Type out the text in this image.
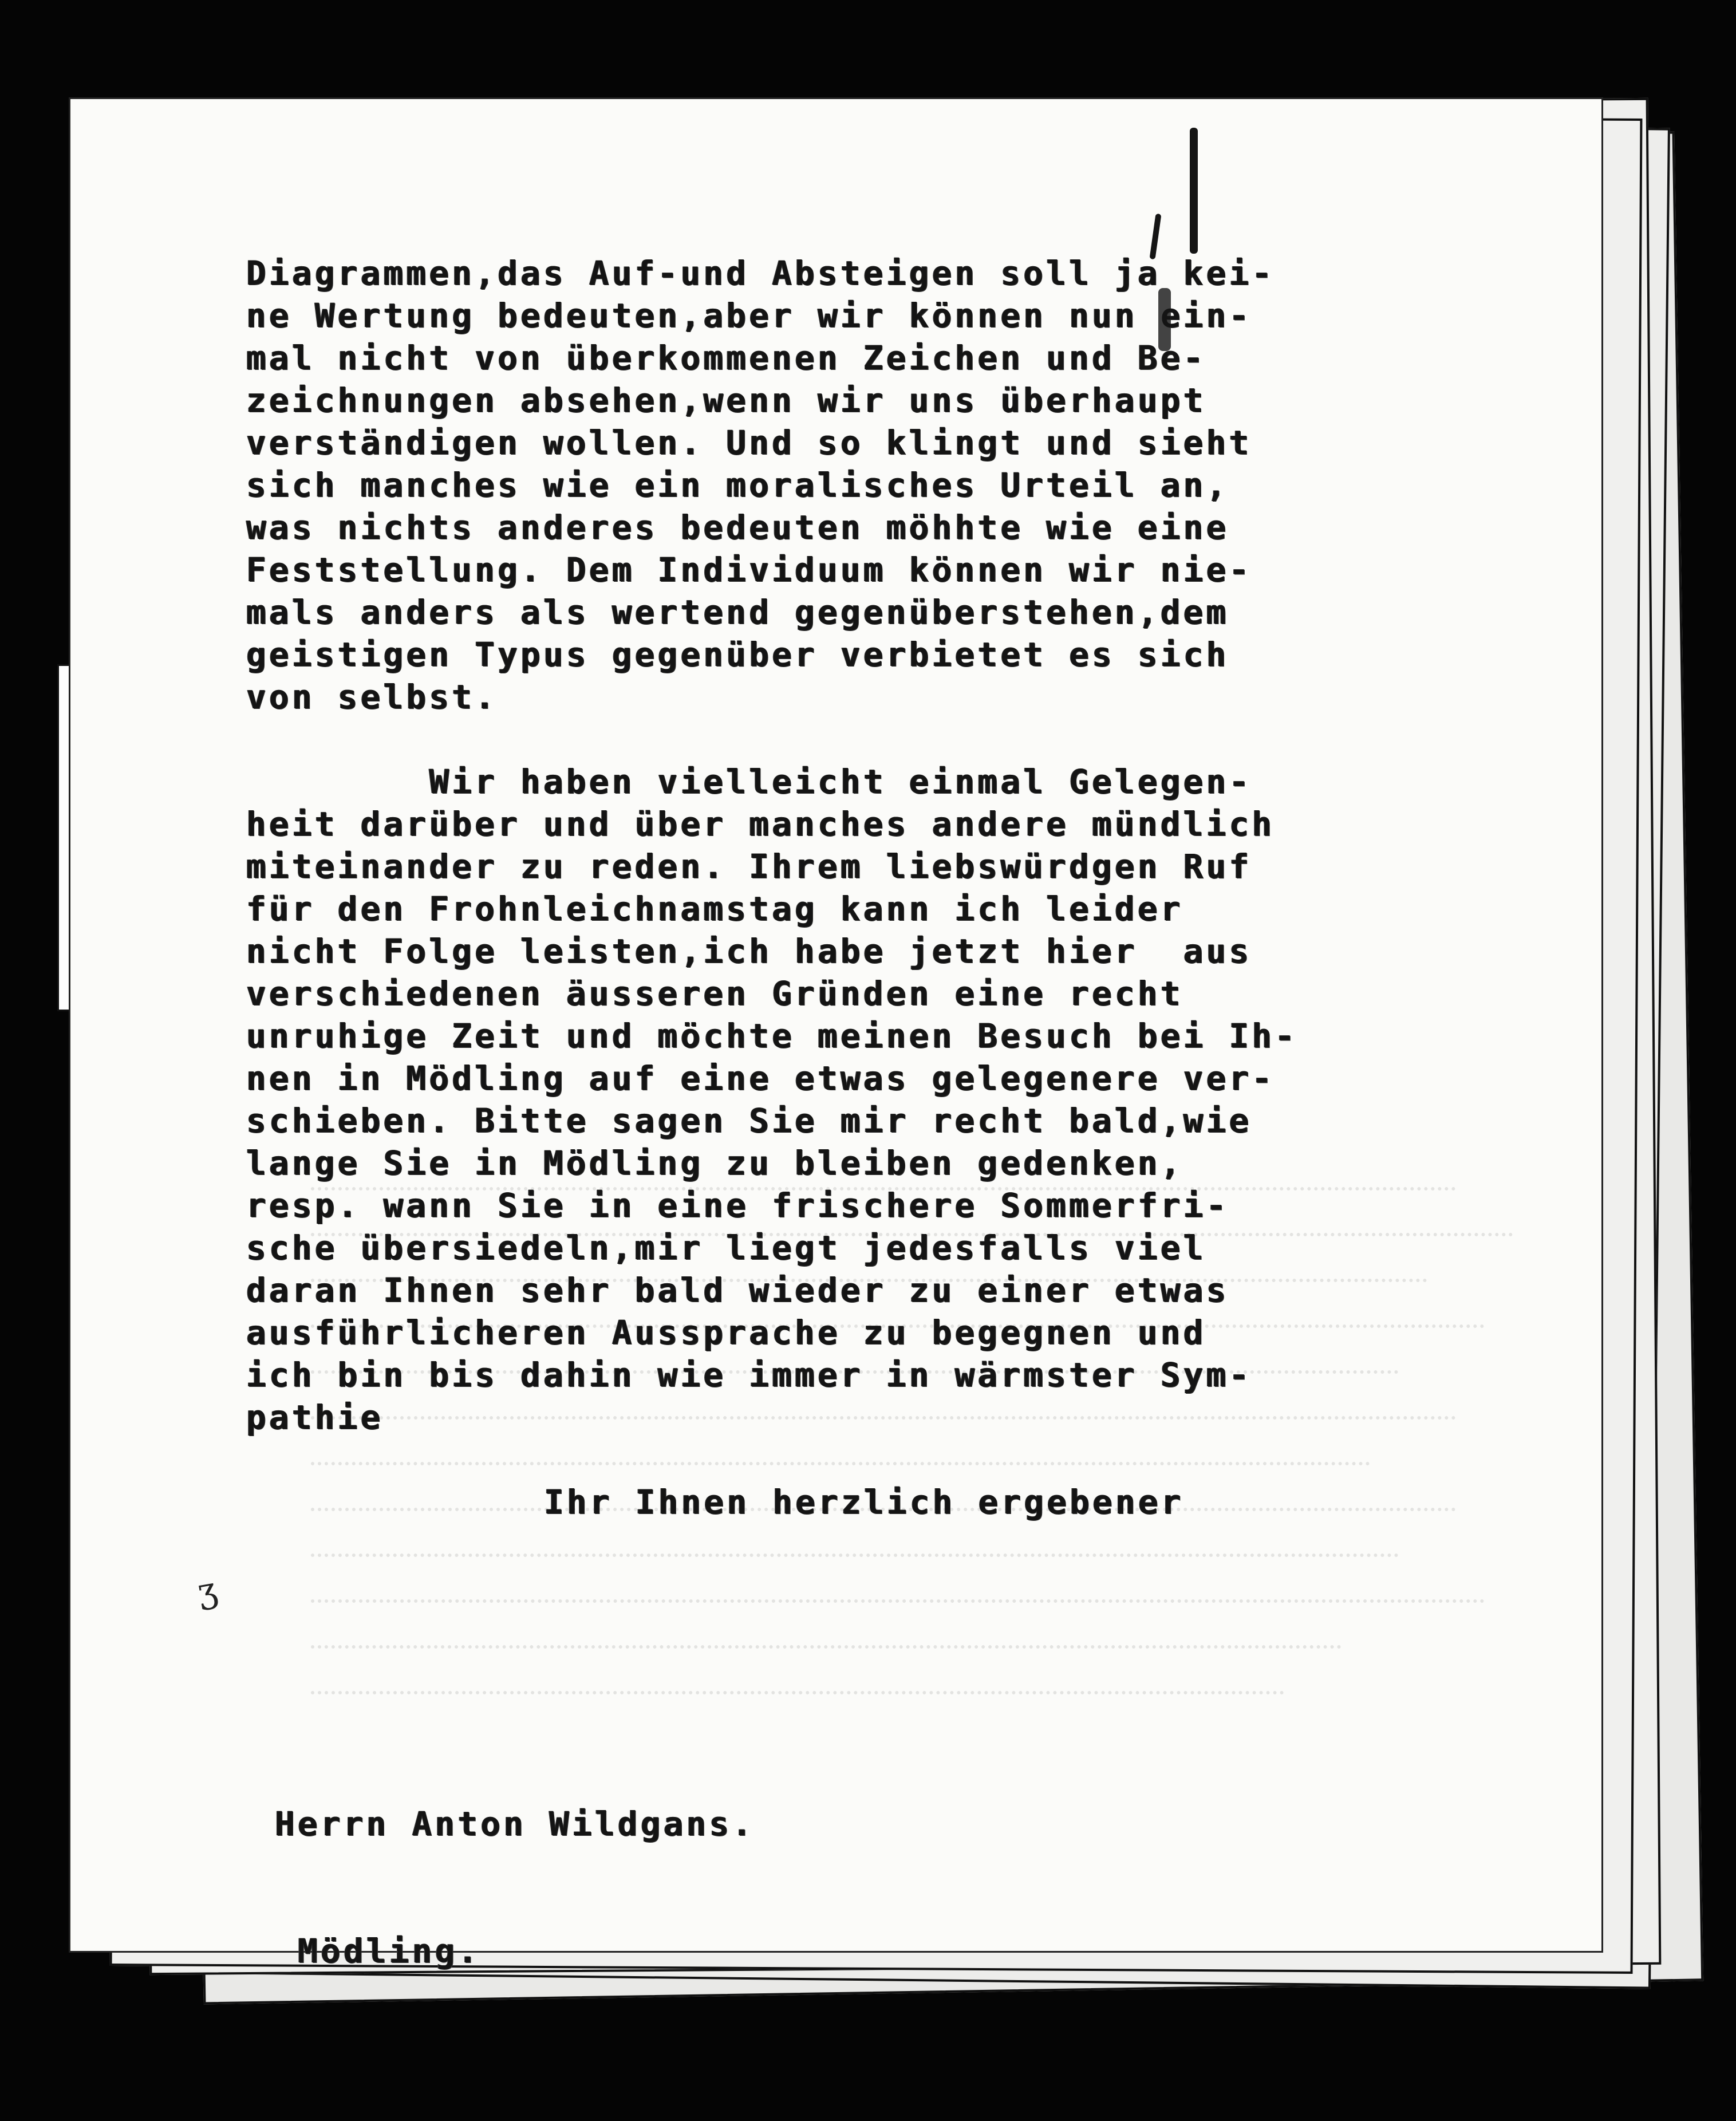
ʒ

Diagrammen,das Auf-und Absteigen soll ja kei-
ne Wertung bedeuten,aber wir können nun ein-
mal nicht von überkommenen Zeichen und Be-
zeichnungen absehen,wenn wir uns überhaupt
verständigen wollen. Und so klingt und sieht
sich manches wie ein moralisches Urteil an,
was nichts anderes bedeuten möhhte wie eine
Feststellung. Dem Individuum können wir nie-
mals anders als wertend gegenüberstehen,dem
geistigen Typus gegenüber verbietet es sich
von selbst.

Wir haben vielleicht einmal Gelegen-
heit darüber und über manches andere mündlich
miteinander zu reden. Ihrem liebswürdgen Ruf
für den Frohnleichnamstag kann ich leider
nicht Folge leisten,ich habe jetzt hier  aus
verschiedenen äusseren Gründen eine recht
unruhige Zeit und möchte meinen Besuch bei Ih-
nen in Mödling auf eine etwas gelegenere ver-
schieben. Bitte sagen Sie mir recht bald,wie
lange Sie in Mödling zu bleiben gedenken,
resp. wann Sie in eine frischere Sommerfri-
sche übersiedeln,mir liegt jedesfalls viel
daran Ihnen sehr bald wieder zu einer etwas
ausführlicheren Aussprache zu begegnen und
ich bin bis dahin wie immer in wärmster Sym-
pathie

Ihr Ihnen herzlich ergebener

Herrn Anton Wildgans.

Mödling.
